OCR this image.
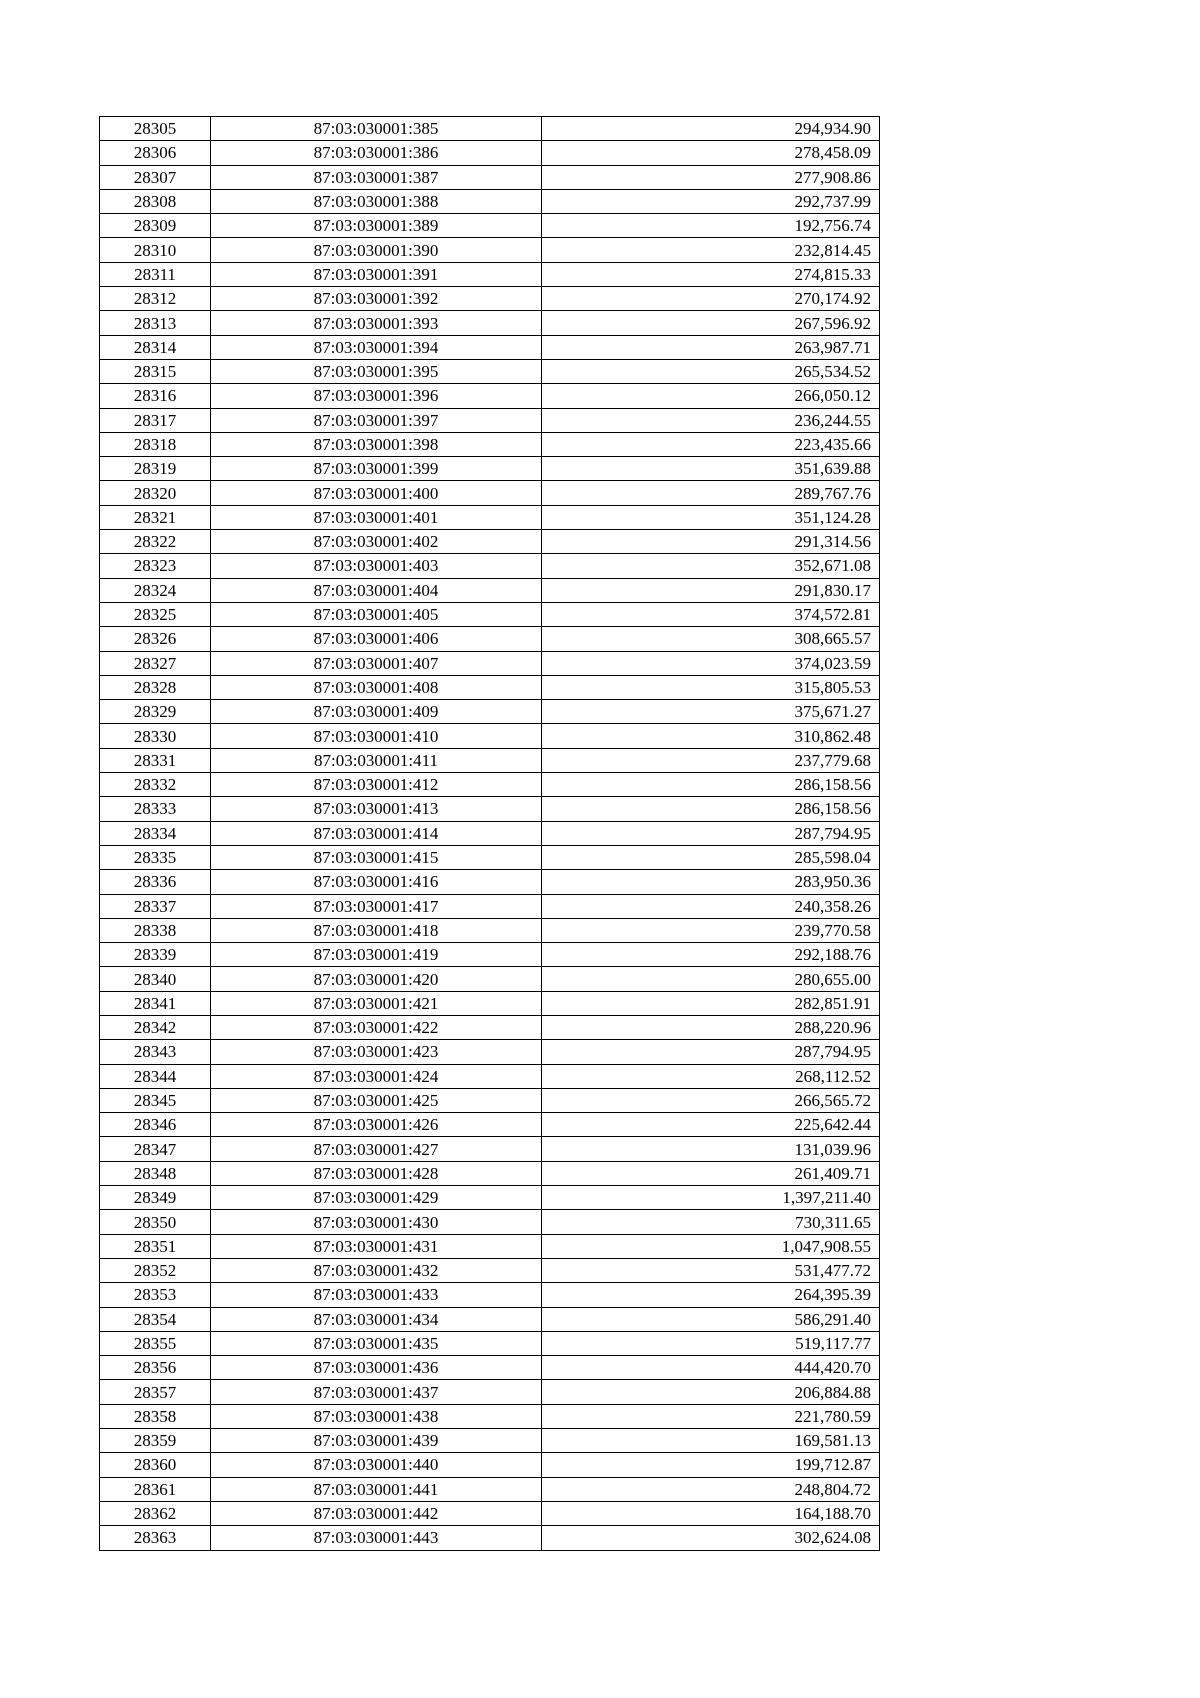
28305	87:03:030001:385	294,934.90
28306	87:03:030001:386	278,458.09
28307	87:03:030001:387	277,908.86
28308	87:03:030001:388	292,737.99
28309	87:03:030001:389	192,756.74
28310	87:03:030001:390	232,814.45
28311	87:03:030001:391	274,815.33
28312	87:03:030001:392	270,174.92
28313	87:03:030001:393	267,596.92
28314	87:03:030001:394	263,987.71
28315	87:03:030001:395	265,534.52
28316	87:03:030001:396	266,050.12
28317	87:03:030001:397	236,244.55
28318	87:03:030001:398	223,435.66
28319	87:03:030001:399	351,639.88
28320	87:03:030001:400	289,767.76
28321	87:03:030001:401	351,124.28
28322	87:03:030001:402	291,314.56
28323	87:03:030001:403	352,671.08
28324	87:03:030001:404	291,830.17
28325	87:03:030001:405	374,572.81
28326	87:03:030001:406	308,665.57
28327	87:03:030001:407	374,023.59
28328	87:03:030001:408	315,805.53
28329	87:03:030001:409	375,671.27
28330	87:03:030001:410	310,862.48
28331	87:03:030001:411	237,779.68
28332	87:03:030001:412	286,158.56
28333	87:03:030001:413	286,158.56
28334	87:03:030001:414	287,794.95
28335	87:03:030001:415	285,598.04
28336	87:03:030001:416	283,950.36
28337	87:03:030001:417	240,358.26
28338	87:03:030001:418	239,770.58
28339	87:03:030001:419	292,188.76
28340	87:03:030001:420	280,655.00
28341	87:03:030001:421	282,851.91
28342	87:03:030001:422	288,220.96
28343	87:03:030001:423	287,794.95
28344	87:03:030001:424	268,112.52
28345	87:03:030001:425	266,565.72
28346	87:03:030001:426	225,642.44
28347	87:03:030001:427	131,039.96
28348	87:03:030001:428	261,409.71
28349	87:03:030001:429	1,397,211.40
28350	87:03:030001:430	730,311.65
28351	87:03:030001:431	1,047,908.55
28352	87:03:030001:432	531,477.72
28353	87:03:030001:433	264,395.39
28354	87:03:030001:434	586,291.40
28355	87:03:030001:435	519,117.77
28356	87:03:030001:436	444,420.70
28357	87:03:030001:437	206,884.88
28358	87:03:030001:438	221,780.59
28359	87:03:030001:439	169,581.13
28360	87:03:030001:440	199,712.87
28361	87:03:030001:441	248,804.72
28362	87:03:030001:442	164,188.70
28363	87:03:030001:443	302,624.08
